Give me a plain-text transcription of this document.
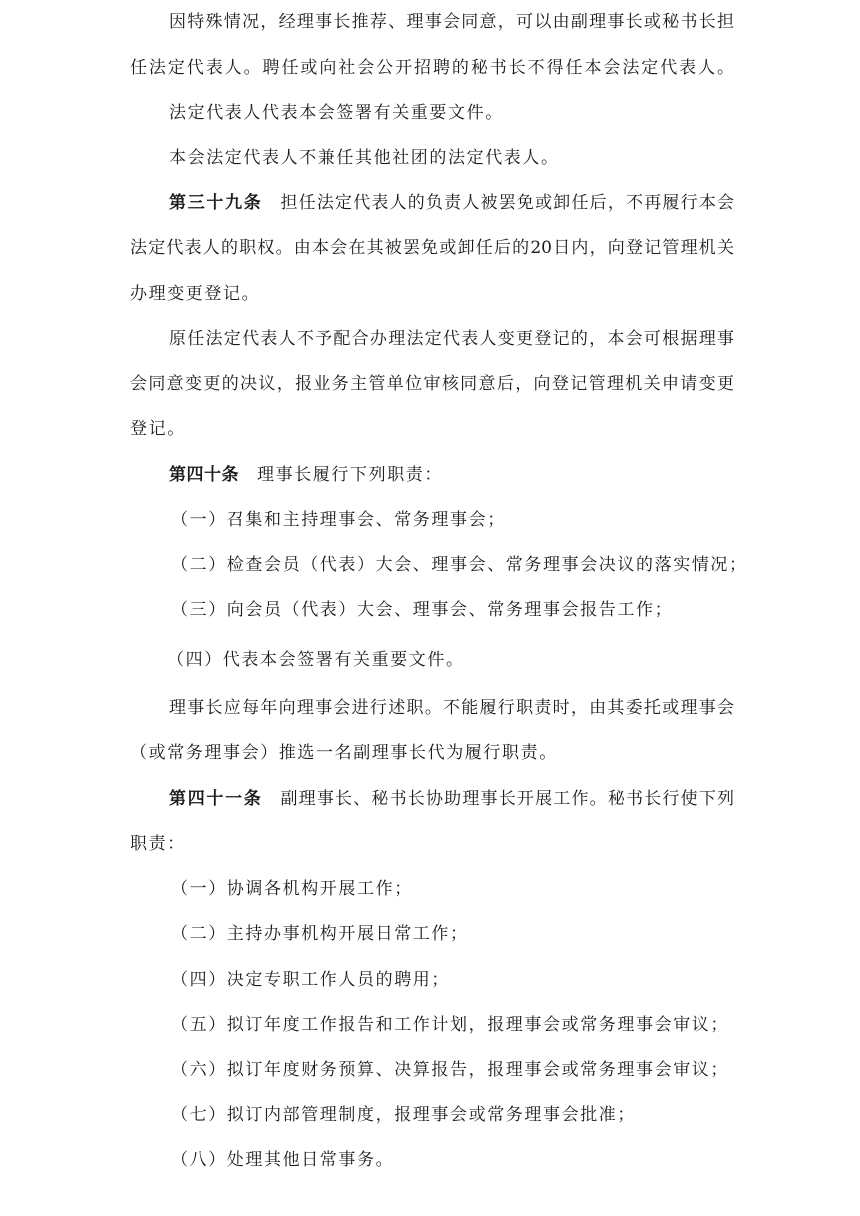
因特殊情况，经理事长推荐、理事会同意，可以由副理事长或秘书长担
任法定代表人。聘任或向社会公开招聘的秘书长不得任本会法定代表人。
法定代表人代表本会签署有关重要文件。
本会法定代表人不兼任其他社团的法定代表人。
第三十九条 担任法定代表人的负责人被罢免或卸任后，不再履行本会
法定代表人的职权。由本会在其被罢免或卸任后的20日内，向登记管理机关
办理变更登记。
原任法定代表人不予配合办理法定代表人变更登记的，本会可根据理事
会同意变更的决议，报业务主管单位审核同意后，向登记管理机关申请变更
登记。
第四十条 理事长履行下列职责：
（一）召集和主持理事会、常务理事会；
（二）检查会员（代表）大会、理事会、常务理事会决议的落实情况；
（三）向会员（代表）大会、理事会、常务理事会报告工作；
（四）代表本会签署有关重要文件。
理事长应每年向理事会进行述职。不能履行职责时，由其委托或理事会
（或常务理事会）推选一名副理事长代为履行职责。
第四十一条 副理事长、秘书长协助理事长开展工作。秘书长行使下列
职责：
（一）协调各机构开展工作；
（二）主持办事机构开展日常工作；
（四）决定专职工作人员的聘用；
（五）拟订年度工作报告和工作计划，报理事会或常务理事会审议；
（六）拟订年度财务预算、决算报告，报理事会或常务理事会审议；
（七）拟订内部管理制度，报理事会或常务理事会批准；
（八）处理其他日常事务。
